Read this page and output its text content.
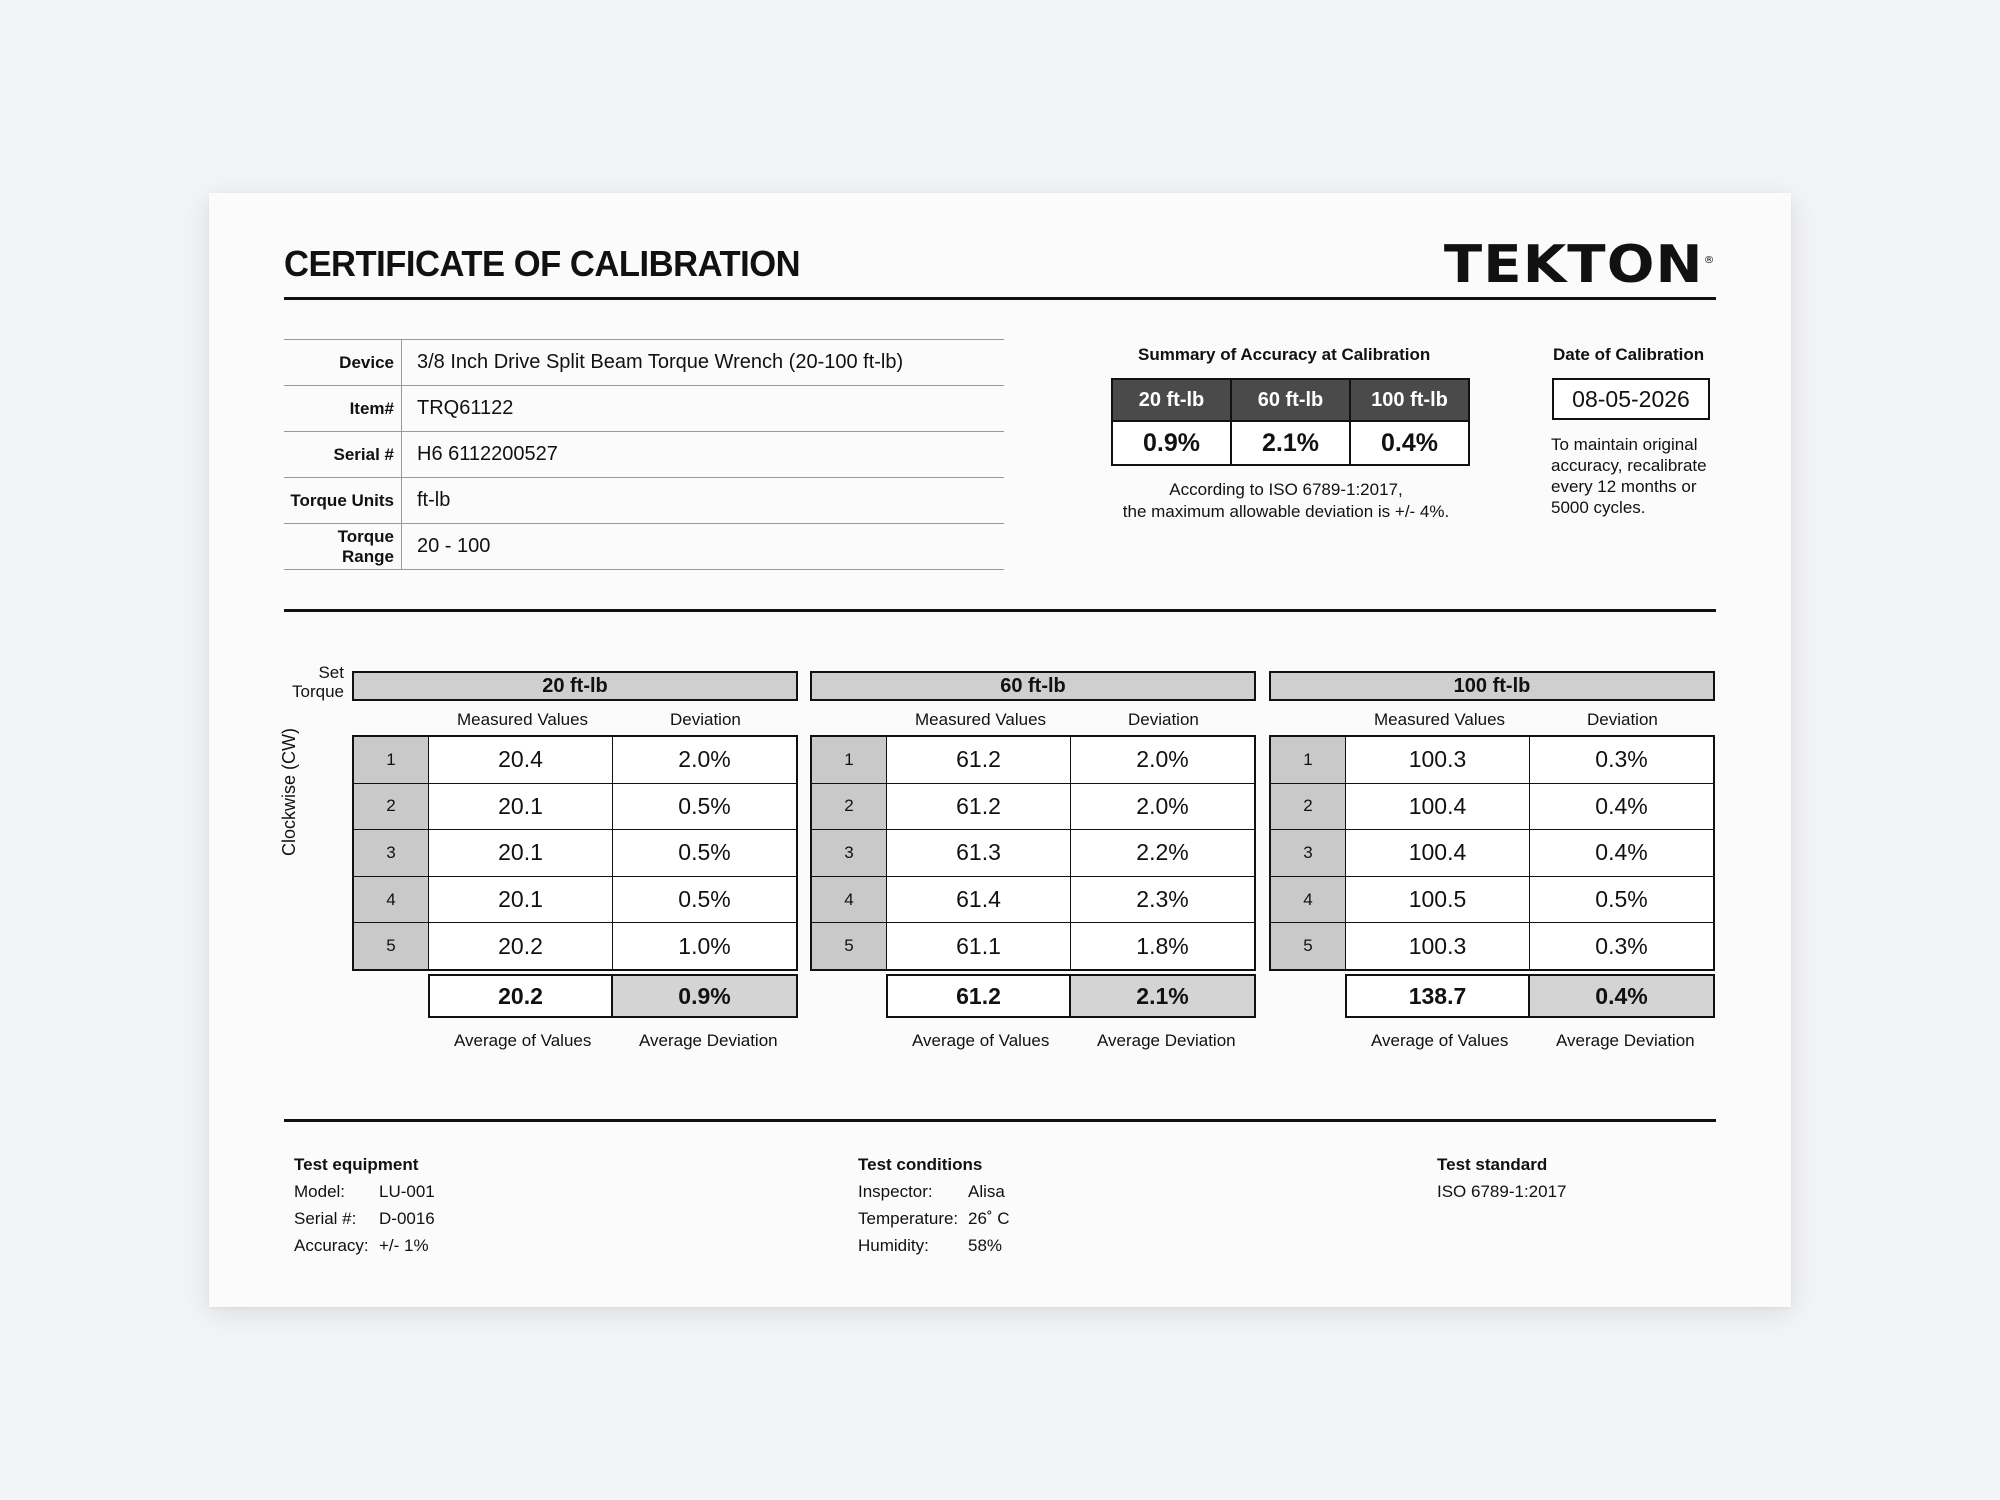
CERTIFICATE OF CALIBRATION	TEKTON®
Device	3/8 Inch Drive Split Beam Torque Wrench (20-100 ft-lb)
Item#	TRQ61122
Serial #	H6 6112200527
Torque Units	ft-lb
Torque Range	20 - 100
Summary of Accuracy at Calibration
20 ft-lb	60 ft-lb	100 ft-lb
0.9%	2.1%	0.4%
According to ISO 6789-1:2017,
the maximum allowable deviation is +/- 4%.
Date of Calibration
08-05-2026
To maintain original accuracy, recalibrate every 12 months or 5000 cycles.
Set
Torque
Clockwise (CW)
20 ft-lb
Measured Values	Deviation
1	20.4	2.0%
2	20.1	0.5%
3	20.1	0.5%
4	20.1	0.5%
5	20.2	1.0%
20.2	0.9%
Average of Values	Average Deviation
60 ft-lb
Measured Values	Deviation
1	61.2	2.0%
2	61.2	2.0%
3	61.3	2.2%
4	61.4	2.3%
5	61.1	1.8%
61.2	2.1%
Average of Values	Average Deviation
100 ft-lb
Measured Values	Deviation
1	100.3	0.3%
2	100.4	0.4%
3	100.4	0.4%
4	100.5	0.5%
5	100.3	0.3%
138.7	0.4%
Average of Values	Average Deviation
Test equipment
Model:	LU-001
Serial #:	D-0016
Accuracy: +/- 1%
Test conditions
Inspector:	Alisa
Temperature: 26˚ C
Humidity:	58%
Test standard
ISO 6789-1:2017
